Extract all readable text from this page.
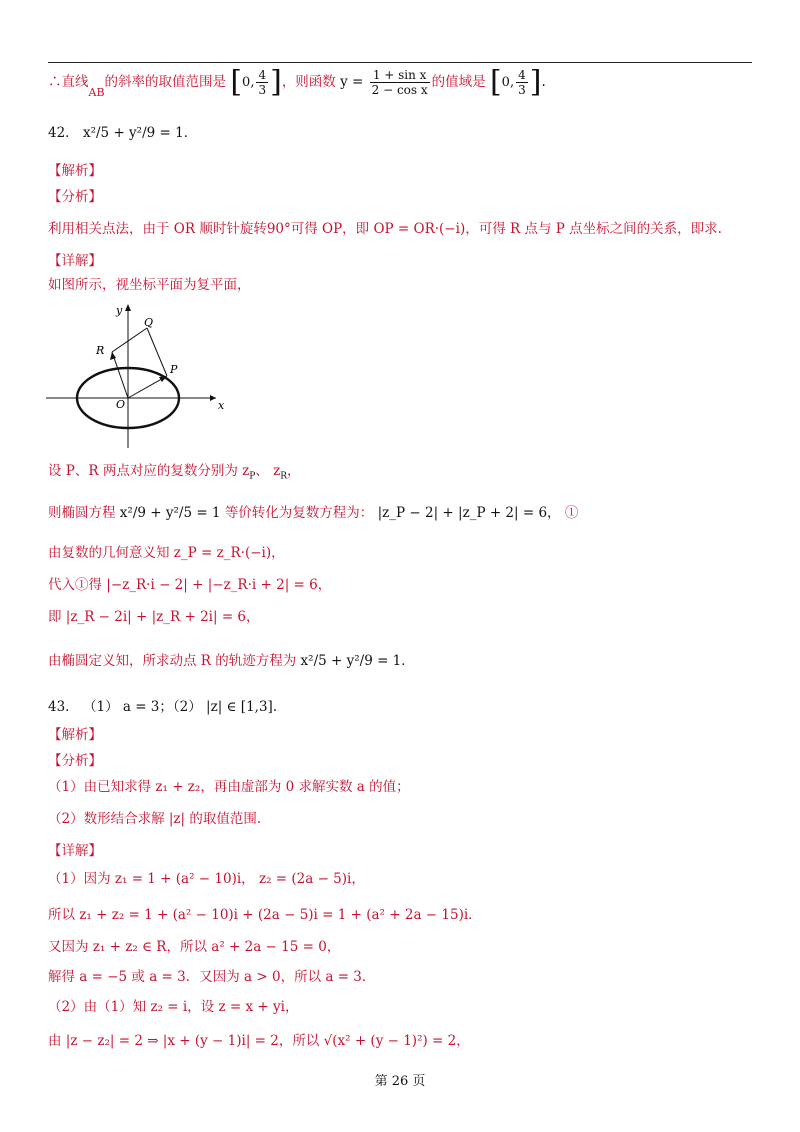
∴直线$_{AB}$的斜率的取值范围是 [0, $\frac{4}{3}$ ]，则函数 $y = \frac{\text{1 + sin x}}{\text{2 − cos x}}$ 的值域是 [0, $\frac{4}{3}$ ].
42． x²/5 + y²/9 = 1．
【解析】
【分析】
利用相关点法，由于 OR 顺时针旋转90°可得 OP，即 OP = OR·(−i)，可得 R 点与 P 点坐标之间的关系，即求.
【详解】
如图所示，视坐标平面为复平面，
x
y
O
P
Q
R
设 P、R 两点对应的复数分别为 $z_P$、 $z_R$，
则椭圆方程 x²/9 + y²/5 = 1 等价转化为复数方程为： |z_P − 2| + |z_P + 2| = 6， ①
由复数的几何意义知 z_P = z_R·(−i)，
代入①得 |−z_R·i − 2| + |−z_R·i + 2| = 6，
即 |z_R − 2i| + |z_R + 2i| = 6，
由椭圆定义知，所求动点 R 的轨迹方程为 x²/5 + y²/9 = 1．
43． （1） a = 3；（2） |z| ∈ [1,3].
【解析】
【分析】
（1）由已知求得 z₁ + z₂，再由虚部为 0 求解实数 a 的值；
（2）数形结合求解 |z| 的取值范围.
【详解】
（1）因为 z₁ = 1 + (a² − 10)i， z₂ = (2a − 5)i，
所以 z₁ + z₂ = 1 + (a² − 10)i + (2a − 5)i = 1 + (a² + 2a − 15)i．
又因为 z₁ + z₂ ∈ R，所以 a² + 2a − 15 = 0，
解得 a = −5 或 a = 3．又因为 a > 0，所以 a = 3．
（2）由（1）知 z₂ = i，设 z = x + yi，
由 |z − z₂| = 2 ⇒ |x + (y − 1)i| = 2，所以 √(x² + (y − 1)²) = 2，
第 26 页
